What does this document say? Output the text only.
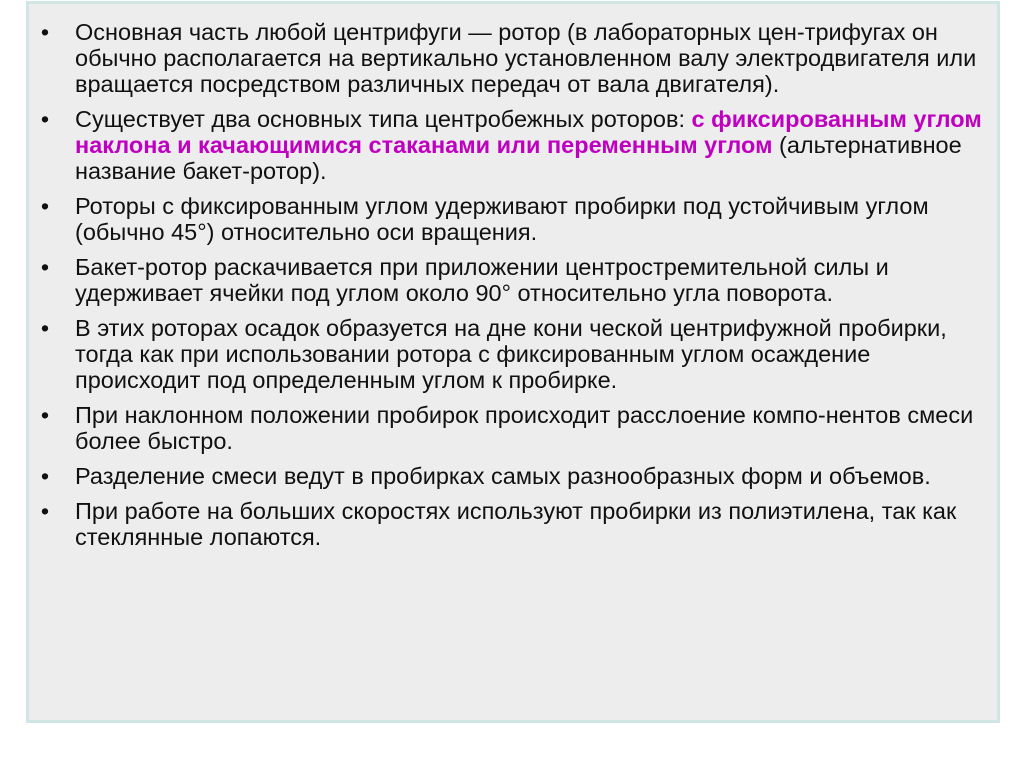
• Основная часть любой центрифуги — ротор (в лабораторных цен-трифугах он обычно располагается на вертикально установленном валу электродвигателя или вращается посредством различных передач от вала двигателя).
• Существует два основных типа центробежных роторов: с фиксированным углом наклона и качающимися стаканами или переменным углом (альтернативное название бакет-ротор).
• Роторы с фиксированным углом удерживают пробирки под устойчивым углом (обычно 45°) относительно оси вращения.
• Бакет-ротор раскачивается при приложении центростремительной силы и удерживает ячейки под углом около 90° относительно угла поворота.
• В этих роторах осадок образуется на дне кони ческой центрифужной пробирки, тогда как при использовании ротора с фиксированным углом осаждение происходит под определенным углом к пробирке.
• При наклонном положении пробирок происходит расслоение компо-нентов смеси более быстро.
• Разделение смеси ведут в пробирках самых разнообразных форм и объемов.
• При работе на больших скоростях используют пробирки из полиэтилена, так как стеклянные лопаются.
